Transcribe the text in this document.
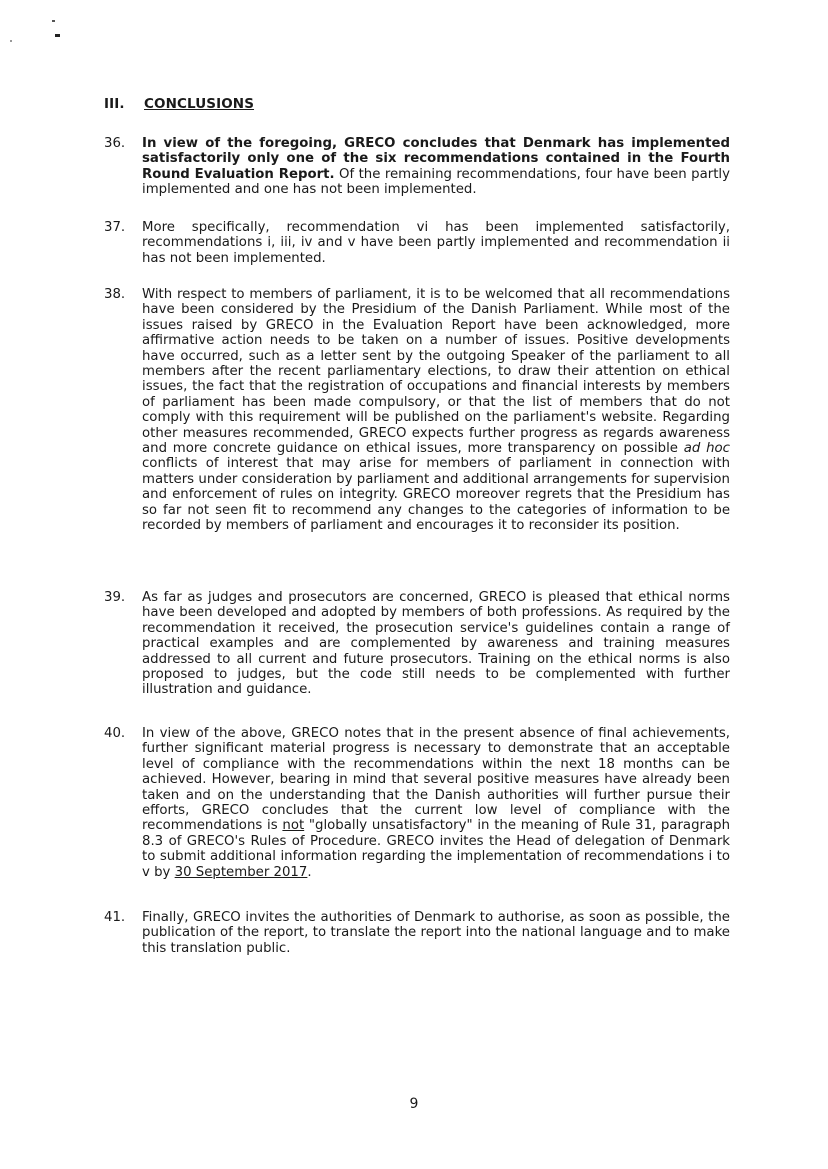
III. CONCLUSIONS
36.	In view of the foregoing, GRECO concludes that Denmark has implemented satisfactorily only one of the six recommendations contained in the Fourth Round Evaluation Report. Of the remaining recommendations, four have been partly implemented and one has not been implemented.
37.	More specifically, recommendation vi has been implemented satisfactorily, recommendations i, iii, iv and v have been partly implemented and recommendation ii has not been implemented.
38.	With respect to members of parliament, it is to be welcomed that all recommendations have been considered by the Presidium of the Danish Parliament. While most of the issues raised by GRECO in the Evaluation Report have been acknowledged, more affirmative action needs to be taken on a number of issues. Positive developments have occurred, such as a letter sent by the outgoing Speaker of the parliament to all members after the recent parliamentary elections, to draw their attention on ethical issues, the fact that the registration of occupations and financial interests by members of parliament has been made compulsory, or that the list of members that do not comply with this requirement will be published on the parliament's website. Regarding other measures recommended, GRECO expects further progress as regards awareness and more concrete guidance on ethical issues, more transparency on possible ad hoc conflicts of interest that may arise for members of parliament in connection with matters under consideration by parliament and additional arrangements for supervision and enforcement of rules on integrity. GRECO moreover regrets that the Presidium has so far not seen fit to recommend any changes to the categories of information to be recorded by members of parliament and encourages it to reconsider its position.
39.	As far as judges and prosecutors are concerned, GRECO is pleased that ethical norms have been developed and adopted by members of both professions. As required by the recommendation it received, the prosecution service's guidelines contain a range of practical examples and are complemented by awareness and training measures addressed to all current and future prosecutors. Training on the ethical norms is also proposed to judges, but the code still needs to be complemented with further illustration and guidance.
40.	In view of the above, GRECO notes that in the present absence of final achievements, further significant material progress is necessary to demonstrate that an acceptable level of compliance with the recommendations within the next 18 months can be achieved. However, bearing in mind that several positive measures have already been taken and on the understanding that the Danish authorities will further pursue their efforts, GRECO concludes that the current low level of compliance with the recommendations is not "globally unsatisfactory" in the meaning of Rule 31, paragraph 8.3 of GRECO's Rules of Procedure. GRECO invites the Head of delegation of Denmark to submit additional information regarding the implementation of recommendations i to v by 30 September 2017.
41.	Finally, GRECO invites the authorities of Denmark to authorise, as soon as possible, the publication of the report, to translate the report into the national language and to make this translation public.
9
